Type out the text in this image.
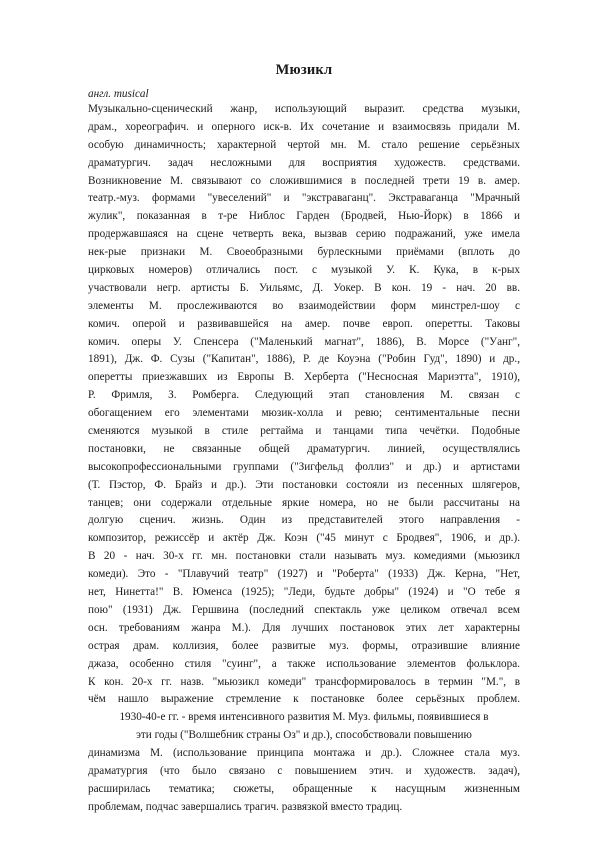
Мюзикл
англ. musical
Музыкально-сценический жанр, использующий выразит. средства музыки,
драм., хореографич. и оперного иск-в. Их сочетание и взаимосвязь придали М.
особую динамичность; характерной чертой мн. М. стало решение серьёзных
драматургич. задач несложными для восприятия художеств. средствами.
Возникновение М. связывают со сложившимися в последней трети 19 в. амер.
театр.-муз. формами "увеселений" и "экстраваганц". Экстраваганца "Мрачный
жулик", показанная в т-ре Ниблос Гарден (Бродвей, Нью-Йорк) в 1866 и
продержавшаяся на сцене четверть века, вызвав серию подражаний, уже имела
нек-рые признаки М. Своеобразными бурлескными приёмами (вплоть до
цирковых номеров) отличались пост. с музыкой У. К. Кука, в к-рых
участвовали негр. артисты Б. Уильямс, Д. Уокер. В кон. 19 - нач. 20 вв.
элементы М. прослеживаются во взаимодействии форм минстрел-шоу с
комич. оперой и развивавшейся на амер. почве европ. оперетты. Таковы
комич. оперы У. Спенсера ("Маленький магнат", 1886), В. Морсе ("Уанг",
1891), Дж. Ф. Сузы ("Капитан", 1886), Р. де Коуэна ("Робин Гуд", 1890) и др.,
оперетты приезжавших из Европы В. Херберта ("Несносная Мариэтта", 1910),
Р. Фримля, З. Ромберга. Следующий этап становления М. связан с
обогащением его элементами мюзик-холла и ревю; сентиментальные песни
сменяются музыкой в стиле регтайма и танцами типа чечётки. Подобные
постановки, не связанные общей драматургич. линией, осуществлялись
высокопрофессиональными группами ("Зигфельд фоллиз" и др.) и артистами
(Т. Пэстор, Ф. Брайз и др.). Эти постановки состояли из песенных шлягеров,
танцев; они содержали отдельные яркие номера, но не были рассчитаны на
долгую сценич. жизнь. Один из представителей этого направления -
композитор, режиссёр и актёр Дж. Коэн ("45 минут с Бродвея", 1906, и др.).
В 20 - нач. 30-х гг. мн. постановки стали называть муз. комедиями (мьюзикл
комеди). Это - "Плавучий театр" (1927) и "Роберта" (1933) Дж. Керна, "Нет,
нет, Нинетта!" В. Юменса (1925); "Леди, будьте добры" (1924) и "О тебе я
пою" (1931) Дж. Гершвина (последний спектакль уже целиком отвечал всем
осн. требованиям жанра М.). Для лучших постановок этих лет характерны
острая драм. коллизия, более развитые муз. формы, отразившие влияние
джаза, особенно стиля "суинг", а также использование элементов фольклора.
К кон. 20-х гг. назв. "мьюзикл комеди" трансформировалось в термин "М.", в
чём нашло выражение стремление к постановке более серьёзных проблем.
1930-40-е гг. - время интенсивного развития М. Муз. фильмы, появившиеся в
эти годы ("Волшебник страны Оз" и др.), способствовали повышению
динамизма М. (использование принципа монтажа и др.). Сложнее стала муз.
драматургия (что было связано с повышением этич. и художеств. задач),
расширилась тематика; сюжеты, обращенные к насущным жизненным
проблемам, подчас завершались трагич. развязкой вместо традиц.
